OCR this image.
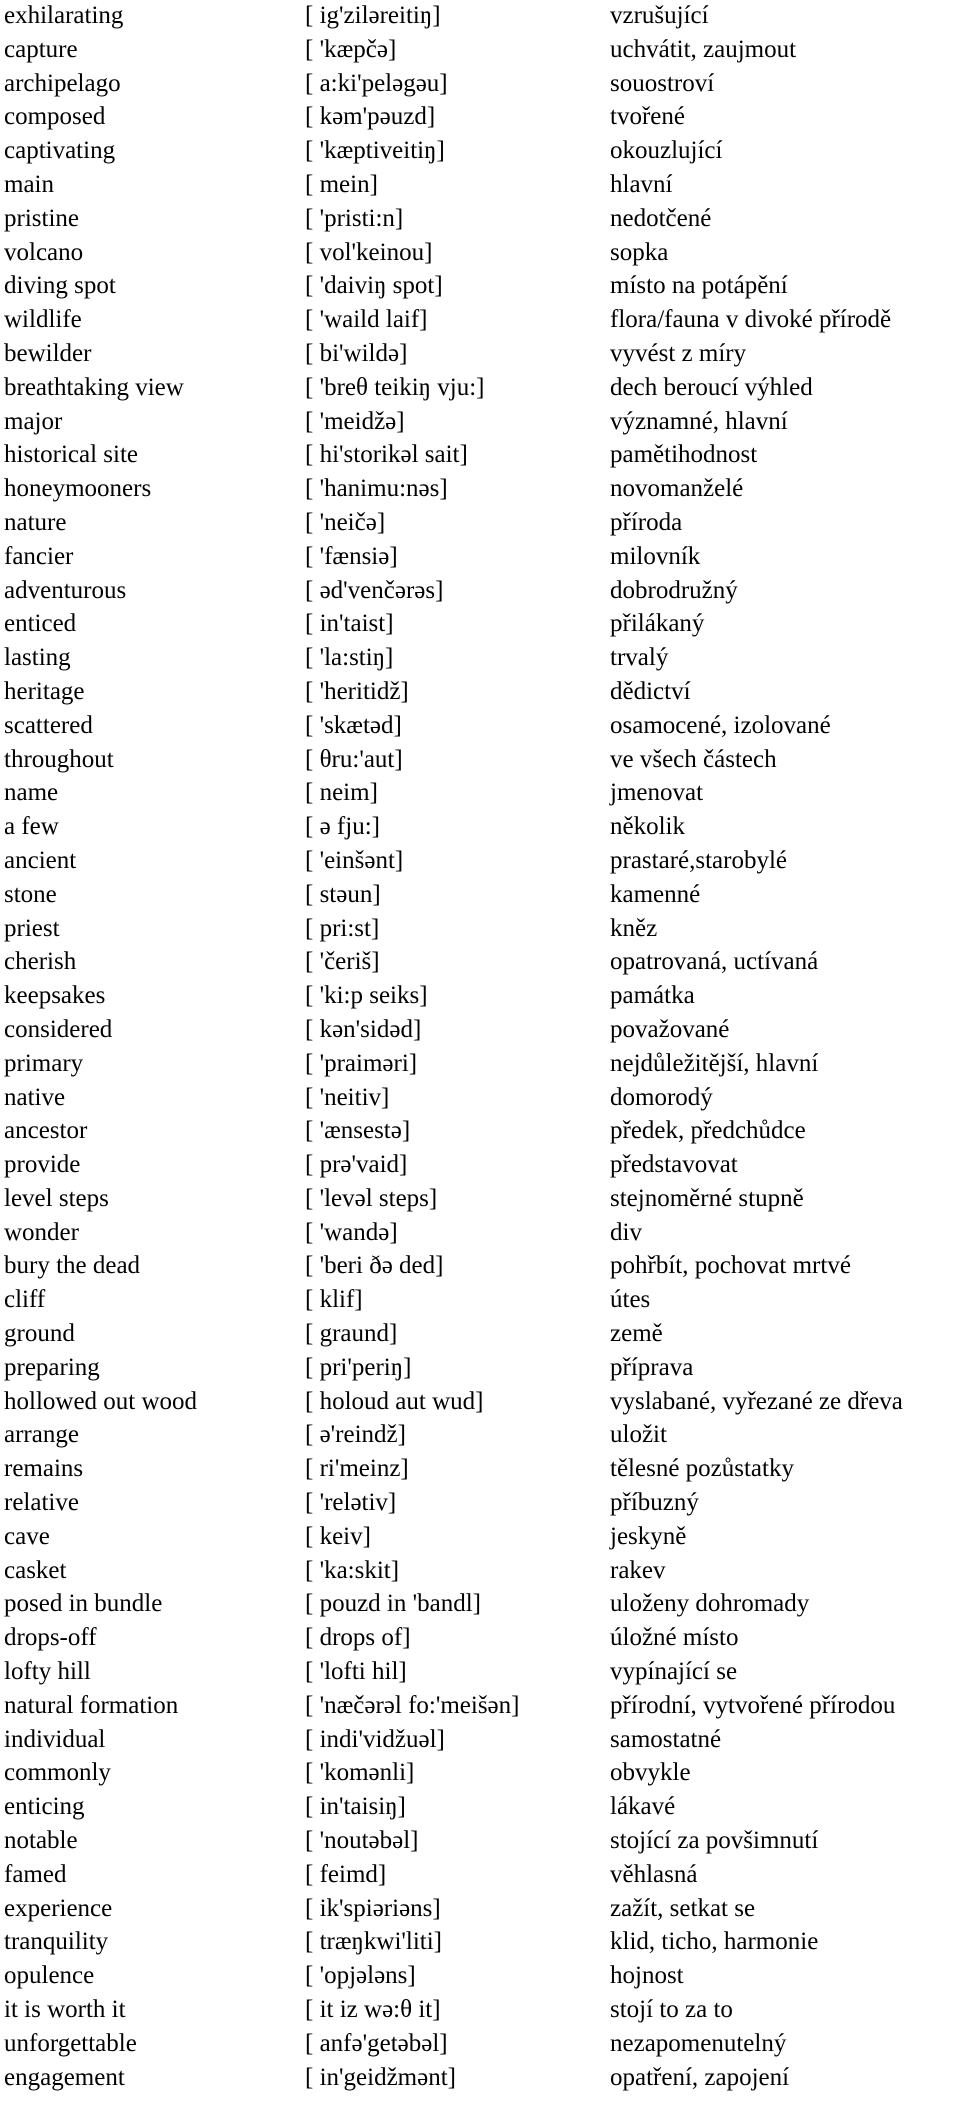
exhilarating	[ ig'zilәreitiŋ]	vzrušující
capture	[ 'kæpčә]	uchvátit, zaujmout
archipelago	[ a:ki'pelәgәu]	souostroví
composed	[ kәm'pәuzd]	tvořené
captivating	[ 'kæptiveitiŋ]	okouzlující
main	[ mein]	hlavní
pristine	[ 'pristi:n]	nedotčené
volcano	[ vol'keinou]	sopka
diving spot	[ 'daiviŋ spot]	místo na potápění
wildlife	[ 'waild laif]	flora/fauna v divoké přírodě
bewilder	[ bi'wildә]	vyvést z míry
breathtaking view	[ 'breθ teikiŋ vju:]	dech beroucí výhled
major	[ 'meidžә]	významné, hlavní
historical site	[ hi'storikәl sait]	pamětihodnost
honeymooners	[ 'hanimu:nәs]	novomanželé
nature	[ 'neičә]	příroda
fancier	[ 'fænsiә]	milovník
adventurous	[ әd'venčәrәs]	dobrodružný
enticed	[ in'taist]	přilákaný
lasting	[ 'la:stiŋ]	trvalý
heritage	[ 'heritidž]	dědictví
scattered	[ 'skætәd]	osamocené, izolované
throughout	[ θru:'aut]	ve všech částech
name	[ neim]	jmenovat
a few	[ ә fju:]	několik
ancient	[ 'einšәnt]	prastaré,starobylé
stone	[ stәun]	kamenné
priest	[ pri:st]	kněz
cherish	[ 'čeriš]	opatrovaná, uctívaná
keepsakes	[ 'ki:p seiks]	památka
considered	[ kәn'sidәd]	považované
primary	[ 'praimәri]	nejdůležitější, hlavní
native	[ 'neitiv]	domorodý
ancestor	[ 'ænsestә]	předek, předchůdce
provide	[ prә'vaid]	představovat
level steps	[ 'levәl steps]	stejnoměrné stupně
wonder	[ 'wandә]	div
bury the dead	[ 'beri ðә ded]	pohřbít, pochovat mrtvé
cliff	[ klif]	útes
ground	[ graund]	země
preparing	[ pri'periŋ]	příprava
hollowed out wood	[ holoud aut wud]	vyslabané, vyřezané ze dřeva
arrange	[ ә'reindž]	uložit
remains	[ ri'meinz]	tělesné pozůstatky
relative	[ 'relәtiv]	příbuzný
cave	[ keiv]	jeskyně
casket	[ 'ka:skit]	rakev
posed in bundle	[ pouzd in 'bandl]	uloženy dohromady
drops-off	[ drops of]	úložné místo
lofty hill	[ 'lofti hil]	vypínající se
natural formation	[ 'næčәrәl fo:'meišәn]	přírodní, vytvořené přírodou
individual	[ indi'vidžuәl]	samostatné
commonly	[ 'komәnli]	obvykle
enticing	[ in'taisiŋ]	lákavé
notable	[ 'noutәbәl]	stojící za povšimnutí
famed	[ feimd]	věhlasná
experience	[ ik'spiәriәns]	zažít, setkat se
tranquility	[ træŋkwi'liti]	klid, ticho, harmonie
opulence	[ 'opjәlәns]	hojnost
it is worth it	[ it iz wә:θ it]	stojí to za to
unforgettable	[ anfә'getәbәl]	nezapomenutelný
engagement	[ in'geidžmәnt]	opatření, zapojení
